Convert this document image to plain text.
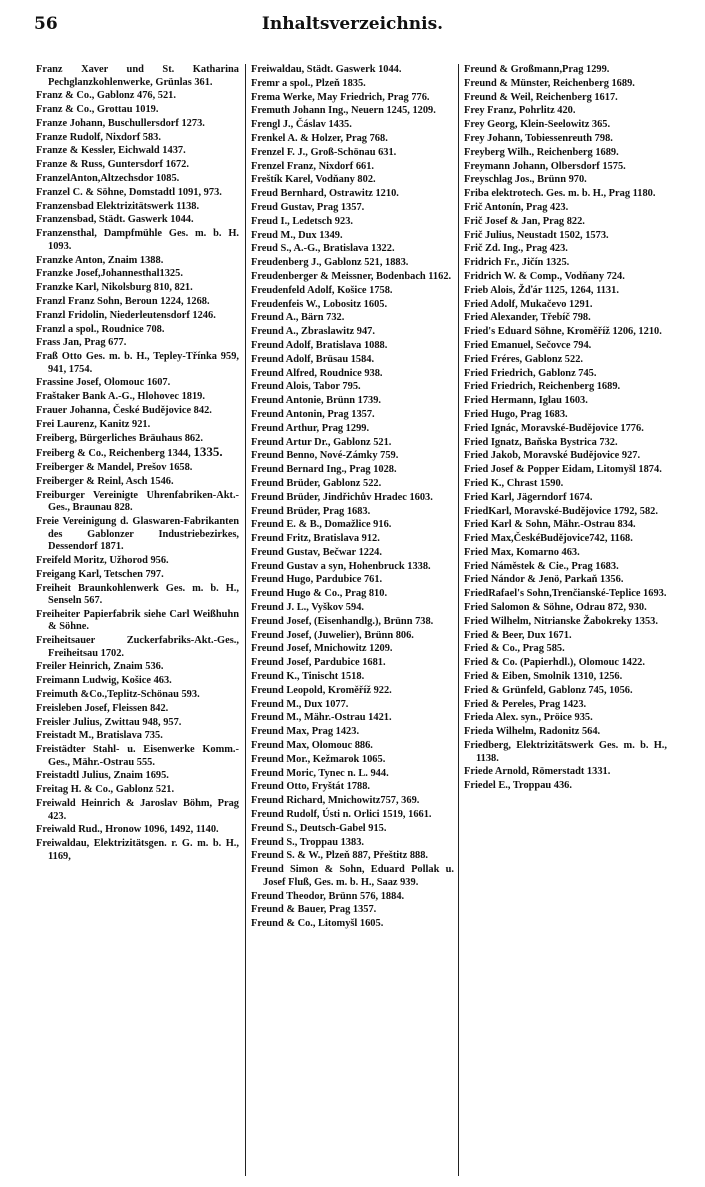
56	Inhaltsverzeichnis.
Franz Xaver und St. Katharina Pechglanzkohlenwerke, Grünlas 361.
Franz & Co., Gablonz 476, 521.
Franz & Co., Grottau 1019.
Franze Johann, Buschullersdorf 1273.
Franze Rudolf, Nixdorf 583.
Franze & Kessler, Eichwald 1437.
Franze & Russ, Guntersdorf 1672.
FranzelAnton,Altzechsdor 1085.
Franzel C. & Söhne, Domstadtl 1091, 973.
Franzensbad Elektrizitätswerk 1138.
Franzensbad, Städt. Gaswerk 1044.
Franzensthal, Dampfmühle Ges. m. b. H. 1093.
Franzke Anton, Znaim 1388.
Franzke Josef,Johannesthal1325.
Franzke Karl, Nikolsburg 810, 821.
Franzl Franz Sohn, Beroun 1224, 1268.
Franzl Fridolin, Niederleutensdorf 1246.
Franzl a spol., Roudnice 708.
Frass Jan, Prag 677.
Fraß Otto Ges. m. b. H., Tepley-Třínka 959, 941, 1754.
Frassine Josef, Olomouc 1607.
Fraštaker Bank A.-G., Hlohovec 1819.
Frauer Johanna, České Budějovice 842.
Frei Laurenz, Kanitz 921.
Freiberg, Bürgerliches Bräuhaus 862.
Freiberg & Co., Reichenberg 1344, 1335.
Freiberger & Mandel, Prešov 1658.
Freiberger & Reinl, Asch 1546.
Freiburger Vereinigte Uhrenfabriken-Akt.-Ges., Braunau 828.
Freie Vereinigung d. Glaswaren-Fabrikanten des Gablonzer Industriebezirkes, Dessendorf 1871.
Freifeld Moritz, Užhorod 956.
Freigang Karl, Tetschen 797.
Freiheit Braunkohlenwerk Ges. m. b. H., Senseln 567.
Freiheiter Papierfabrik siehe Carl Weißhuhn & Söhne.
Freiheitsauer Zuckerfabriks-Akt.-Ges., Freiheitsau 1702.
Freiler Heinrich, Znaim 536.
Freimann Ludwig, Košice 463.
Freimuth &Co.,Teplitz-Schönau 593.
Freisleben Josef, Fleissen 842.
Freisler Julius, Zwittau 948, 957.
Freistadt M., Bratislava 735.
Freistädter Stahl- u. Eisenwerke Komm.-Ges., Mähr.-Ostrau 555.
Freistadtl Julius, Znaim 1695.
Freitag H. & Co., Gablonz 521.
Freiwald Heinrich & Jaroslav Böhm, Prag 423.
Freiwald Rud., Hronow 1096, 1492, 1140.
Freiwaldau, Elektrizitätsgen. r. G. m. b. H., 1169,
Freiwaldau, Städt. Gaswerk 1044.
Fremr a spol., Plzeň 1835.
Frema Werke, May Friedrich, Prag 776.
Fremuth Johann Ing., Neuern 1245, 1209.
Frengl J., Čáslav 1435.
Frenkel A. & Holzer, Prag 768.
Frenzel F. J., Groß-Schönau 631.
Frenzel Franz, Nixdorf 661.
Freštík Karel, Vodňany 802.
Freud Bernhard, Ostrawitz 1210.
Freud Gustav, Prag 1357.
Freud I., Ledetsch 923.
Freud M., Dux 1349.
Freud S., A.-G., Bratislava 1322.
Freudenberg J., Gablonz 521, 1883.
Freudenberger & Meissner, Bodenbach 1162.
Freudenfeld Adolf, Košice 1758.
Freudenfeis W., Lobositz 1605.
Freund A., Bärn 732.
Freund A., Zbraslawitz 947.
Freund Adolf, Bratislava 1088.
Freund Adolf, Brüsau 1584.
Freund Alfred, Roudnice 938.
Freund Alois, Tabor 795.
Freund Antonie, Brünn 1739.
Freund Antonin, Prag 1357.
Freund Arthur, Prag 1299.
Freund Artur Dr., Gablonz 521.
Freund Benno, Nové-Zámky 759.
Freund Bernard Ing., Prag 1028.
Freund Brüder, Gablonz 522.
Freund Brüder, Jindřichův Hradec 1603.
Freund Brüder, Prag 1683.
Freund E. & B., Domažlice 916.
Freund Fritz, Bratislava 912.
Freund Gustav, Bečwar 1224.
Freund Gustav a syn, Hohenbruck 1338.
Freund Hugo, Pardubice 761.
Freund Hugo & Co., Prag 810.
Freund J. L., Vyškov 594.
Freund Josef, (Eisenhandlg.), Brünn 738.
Freund Josef, (Juwelier), Brünn 806.
Freund Josef, Mnichowitz 1209.
Freund Josef, Pardubice 1681.
Freund K., Tinischt 1518.
Freund Leopold, Kroměříž 922.
Freund M., Dux 1077.
Freund M., Mähr.-Ostrau 1421.
Freund Max, Prag 1423.
Freund Max, Olomouc 886.
Freund Mor., Kežmarok 1065.
Freund Moric, Tynec n. L. 944.
Freund Otto, Fryštát 1788.
Freund Richard, Mnichowitz757, 369.
Freund Rudolf, Ústi n. Orlici 1519, 1661.
Freund S., Deutsch-Gabel 915.
Freund S., Troppau 1383.
Freund S. & W., Plzeň 887, Přeštitz 888.
Freund Simon & Sohn, Eduard Pollak u. Josef Fluß, Ges. m. b. H., Saaz 939.
Freund Theodor, Brünn 576, 1884.
Freund & Bauer, Prag 1357.
Freund & Co., Litomyšl 1605.
Freund & Großmann,Prag 1299.
Freund & Münster, Reichenberg 1689.
Freund & Weil, Reichenberg 1617.
Frey Franz, Pohrlitz 420.
Frey Georg, Klein-Seelowitz 365.
Frey Johann, Tobiessenreuth 798.
Freyberg Wilh., Reichenberg 1689.
Freymann Johann, Olbersdorf 1575.
Freyschlag Jos., Brünn 970.
Friba elektrotech. Ges. m. b. H., Prag 1180.
Frič Antonín, Prag 423.
Frič Josef & Jan, Prag 822.
Frič Julius, Neustadt 1502, 1573.
Frič Zd. Ing., Prag 423.
Fridrich Fr., Jičín 1325.
Fridrich W. & Comp., Vodňany 724.
Frieb Alois, Žďár 1125, 1264, 1131.
Fried Adolf, Mukačevo 1291.
Fried Alexander, Třebíč 798.
Fried's Eduard Söhne, Kroměříž 1206, 1210.
Fried Emanuel, Sečovce 794.
Fried Fréres, Gablonz 522.
Fried Friedrich, Gablonz 745.
Fried Friedrich, Reichenberg 1689.
Fried Hermann, Iglau 1603.
Fried Hugo, Prag 1683.
Fried Ignác, Moravské-Budějovice 1776.
Fried Ignatz, Baňska Bystrica 732.
Fried Jakob, Moravské Budějovice 927.
Fried Josef & Popper Eidam, Litomyšl 1874.
Fried K., Chrast 1590.
Fried Karl, Jägerndorf 1674.
FriedKarl, Moravské-Budějovice 1792, 582.
Fried Karl & Sohn, Mähr.-Ostrau 834.
Fried Max,ČeskéBudějovice742, 1168.
Fried Max, Komarno 463.
Fried Náměstek & Cie., Prag 1683.
Fried Nándor & Jenö, Parkaň 1356.
FriedRafael's Sohn,Trenčianské-Teplice 1693.
Fried Salomon & Söhne, Odrau 872, 930.
Fried Wilhelm, Nitrianske Žabokreky 1353.
Fried & Beer, Dux 1671.
Fried & Co., Prag 585.
Fried & Co. (Papierhdl.), Olomouc 1422.
Fried & Eiben, Smolnik 1310, 1256.
Fried & Grünfeld, Gablonz 745, 1056.
Fried & Pereles, Prag 1423.
Frieda Alex. syn., Pröice 935.
Frieda Wilhelm, Radonitz 564.
Friedberg, Elektrizitätswerk Ges. m. b. H., 1138.
Friede Arnold, Römerstadt 1331.
Friedel E., Troppau 436.
